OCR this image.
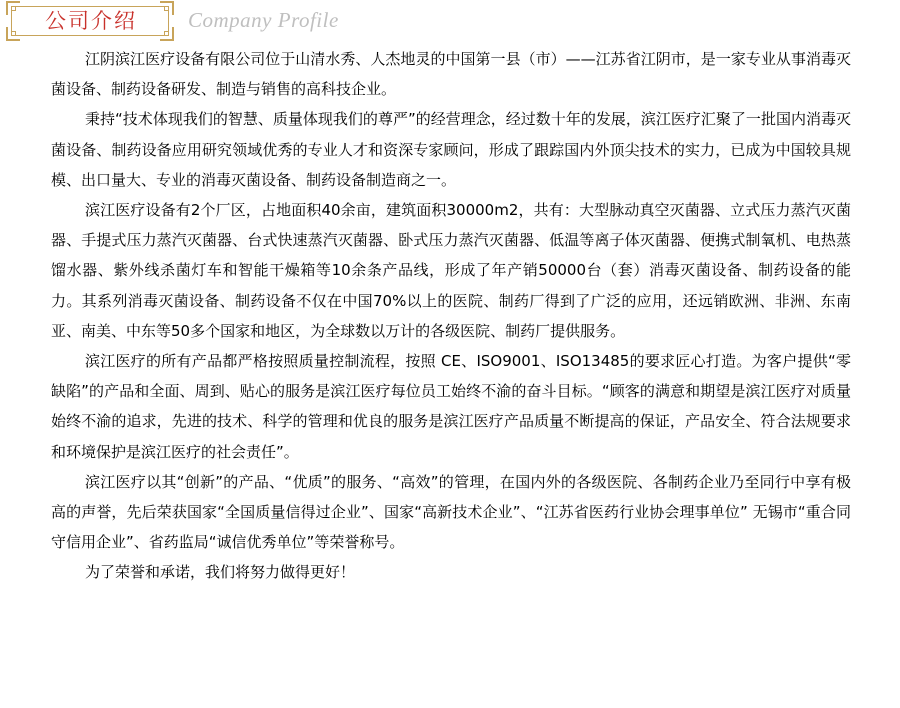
公司介绍	Company Profile

江阴滨江医疗设备有限公司位于山清水秀、人杰地灵的中国第一县（市）——江苏省江阴市，是一家专业从事消毒灭菌设备、制药设备研发、制造与销售的高科技企业。

秉持“技术体现我们的智慧、质量体现我们的尊严”的经营理念，经过数十年的发展，滨江医疗汇聚了一批国内消毒灭菌设备、制药设备应用研究领域优秀的专业人才和资深专家顾问，形成了跟踪国内外顶尖技术的实力，已成为中国较具规模、出口量大、专业的消毒灭菌设备、制药设备制造商之一。

滨江医疗设备有2个厂区，占地面积40余亩，建筑面积30000m2，共有：大型脉动真空灭菌器、立式压力蒸汽灭菌器、手提式压力蒸汽灭菌器、台式快速蒸汽灭菌器、卧式压力蒸汽灭菌器、低温等离子体灭菌器、便携式制氧机、电热蒸馏水器、紫外线杀菌灯车和智能干燥箱等10余条产品线，形成了年产销50000台（套）消毒灭菌设备、制药设备的能力。其系列消毒灭菌设备、制药设备不仅在中国70%以上的医院、制药厂得到了广泛的应用，还远销欧洲、非洲、东南亚、南美、中东等50多个国家和地区，为全球数以万计的各级医院、制药厂提供服务。

滨江医疗的所有产品都严格按照质量控制流程，按照 CE、ISO9001、ISO13485的要求匠心打造。为客户提供“零缺陷”的产品和全面、周到、贴心的服务是滨江医疗每位员工始终不渝的奋斗目标。“顾客的满意和期望是滨江医疗对质量始终不渝的追求，先进的技术、科学的管理和优良的服务是滨江医疗产品质量不断提高的保证，产品安全、符合法规要求和环境保护是滨江医疗的社会责任”。

滨江医疗以其“创新”的产品、“优质”的服务、“高效”的管理，在国内外的各级医院、各制药企业乃至同行中享有极高的声誉，先后荣获国家“全国质量信得过企业”、国家“高新技术企业”、“江苏省医药行业协会理事单位” 无锡市“重合同守信用企业”、省药监局“诚信优秀单位”等荣誉称号。

为了荣誉和承诺，我们将努力做得更好！
